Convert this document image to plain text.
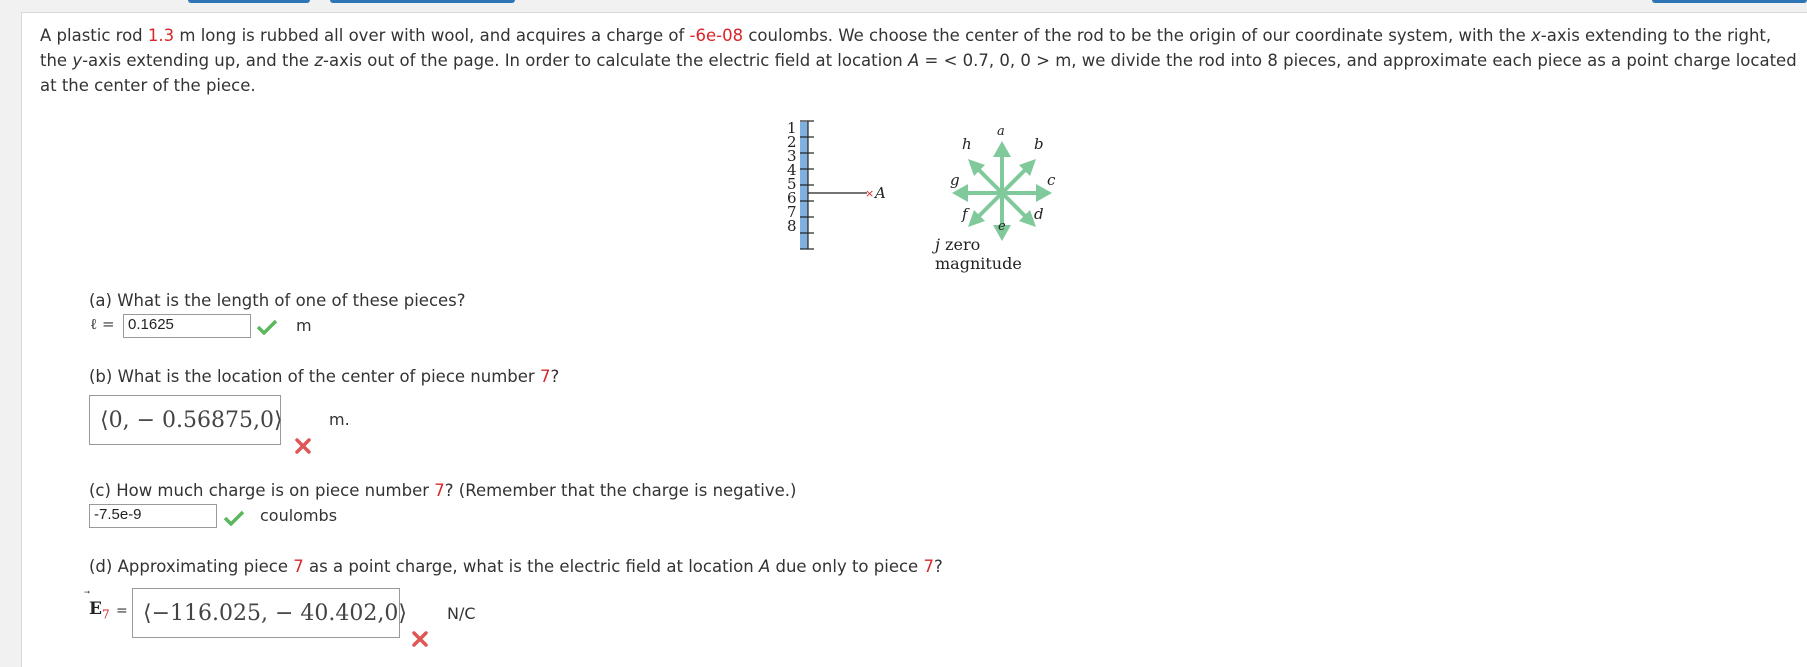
A plastic rod 1.3 m long is rubbed all over with wool, and acquires a charge of -6e-08 coulombs. We choose the center of the rod to be the origin of our coordinate system, with the x-axis extending to the right, the y-axis extending up, and the z-axis out of the page. In order to calculate the electric field at location A = < 0.7, 0, 0 > m, we divide the rod into 8 pieces, and approximate each piece as a point charge located at the center of the piece.
×
1
2
3
4
5
6
7
8
A
a
b
c
d
e
f
g
h
j zero magnitude
(a) What is the length of one of these pieces?
ℓ = 0.1625	m
(b) What is the location of the center of piece number 7?
⟨0, − 0.56875,0⟩	m.
(c) How much charge is on piece number 7? (Remember that the charge is negative.)
-7.5e-9	coulombs
(d) Approximating piece 7 as a point charge, what is the electric field at location A due only to piece 7?
$E_7$ = ⟨−116.025, − 40.402,0⟩	N/C
